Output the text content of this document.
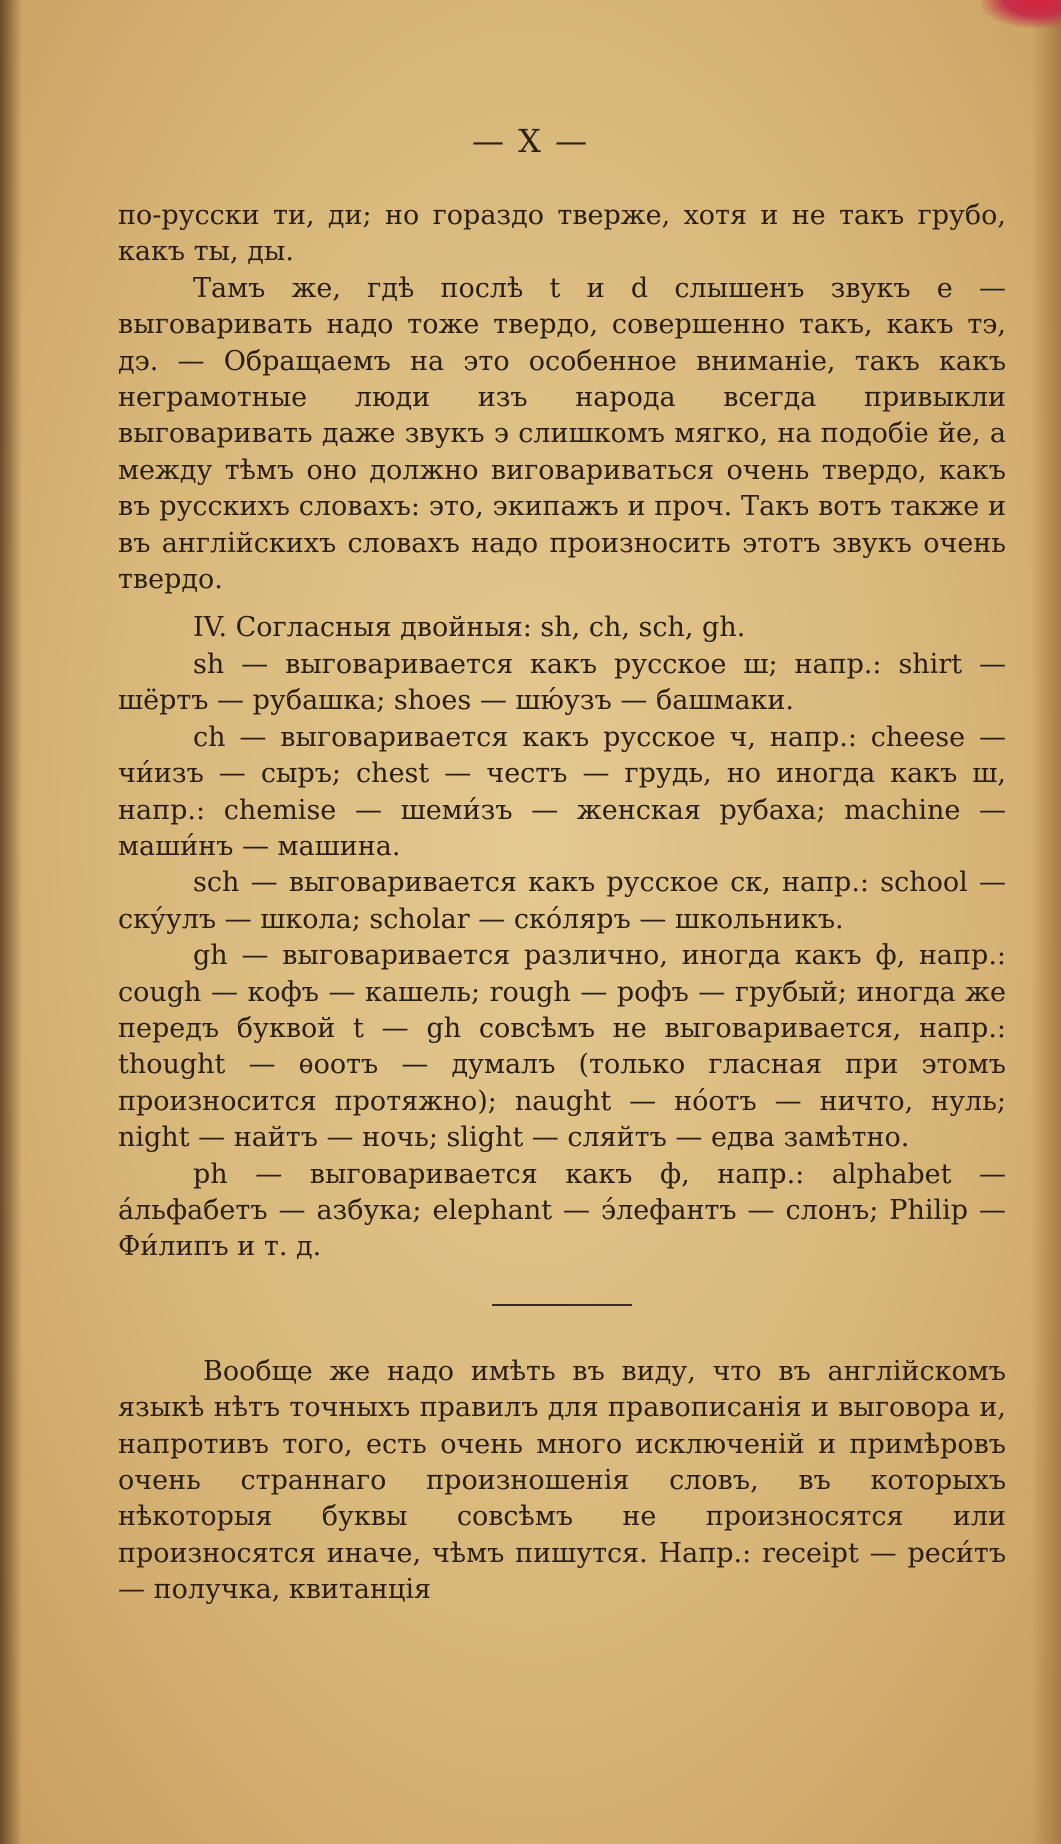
— X —

по-русски ти, ди; но гораздо тверже, хотя и не такъ грубо, какъ ты, ды.

Тамъ же, гдѣ послѣ t и d слышенъ звукъ е — выговаривать надо тоже твердо, совершенно такъ, какъ тэ, дэ. — Обращаемъ на это особенное вниманіе, такъ какъ неграмотные люди изъ народа всегда привыкли выговаривать даже звукъ э слишкомъ мягко, на подобіе йе, а между тѣмъ оно должно виговариваться очень твердо, какъ въ русскихъ словахъ: это, экипажъ и проч. Такъ вотъ также и въ англійскихъ словахъ надо произносить этотъ звукъ очень твердо.

IV. Согласныя двойныя: sh, ch, sch, gh.

sh — выговаривается какъ русское ш; напр.: shirt — шёртъ — рубашка; shoes — шю́узъ — башмаки.

ch — выговаривается какъ русское ч, напр.: cheese — чи́изъ — сыръ; chest — честъ — грудь, но иногда какъ ш, напр.: chemise — шеми́зъ — женская рубаха; machine — маши́нъ — машина.

sch — выговаривается какъ русское ск, напр.: school — ску́улъ — школа; scholar — ско́ляръ — школьникъ.

gh — выговаривается различно, иногда какъ ф, напр.: cough — кофъ — кашель; rough — рофъ — грубый; иногда же передъ буквой t — gh совсѣмъ не выговаривается, напр.: thought — ѳоотъ — думалъ (только гласная при этомъ произносится протяжно); naught — но́отъ — ничто, нуль; night — найтъ — ночь; slight — сляйтъ — едва замѣтно.

ph — выговаривается какъ ф, напр.: alphabet — а́льфабетъ — азбука; elephant — э́лефантъ — слонъ; Philip — Фи́липъ и т. д.

Вообще же надо имѣть въ виду, что въ англійскомъ языкѣ нѣтъ точныхъ правилъ для правописанія и выговора и, напротивъ того, есть очень много исключеній и примѣровъ очень страннаго произношенія словъ, въ которыхъ нѣкоторыя буквы совсѣмъ не произносятся или произносятся иначе, чѣмъ пишутся. Напр.: receipt — реси́тъ — получка, квитанція
